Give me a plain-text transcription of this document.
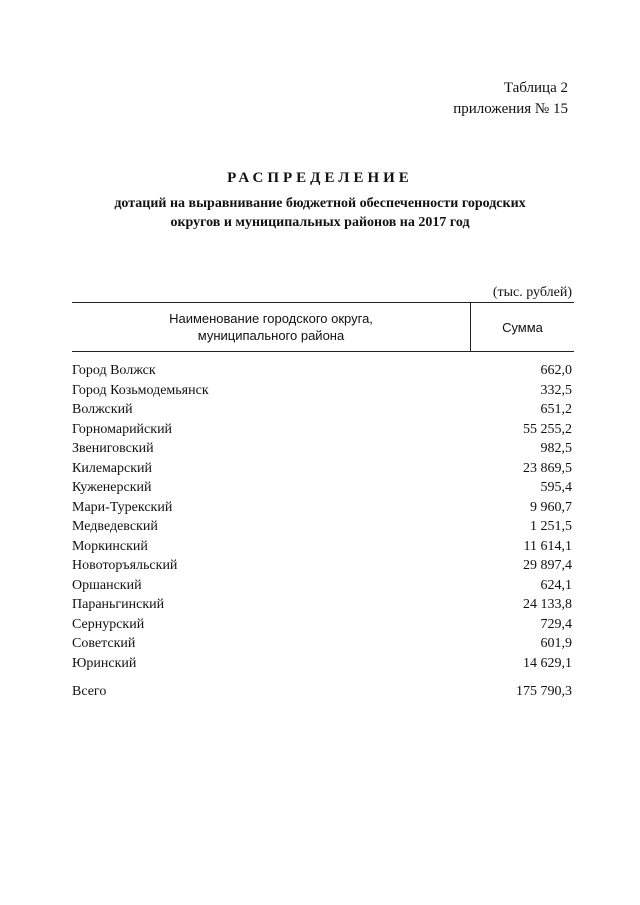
Таблица 2
приложения № 15
РАСПРЕДЕЛЕНИЕ
дотаций на выравнивание бюджетной обеспеченности городских
округов и муниципальных районов на 2017 год
(тыс. рублей)
Наименование городского округа,
муниципального района
Сумма
Город Волжск	662,0
Город Козьмодемьянск	332,5
Волжский	651,2
Горномарийский	55 255,2
Звениговский	982,5
Килемарский	23 869,5
Куженерский	595,4
Мари-Турекский	9 960,7
Медведевский	1 251,5
Моркинский	11 614,1
Новоторъяльский	29 897,4
Оршанский	624,1
Параньгинский	24 133,8
Сернурский	729,4
Советский	601,9
Юринский	14 629,1
Всего	175 790,3
